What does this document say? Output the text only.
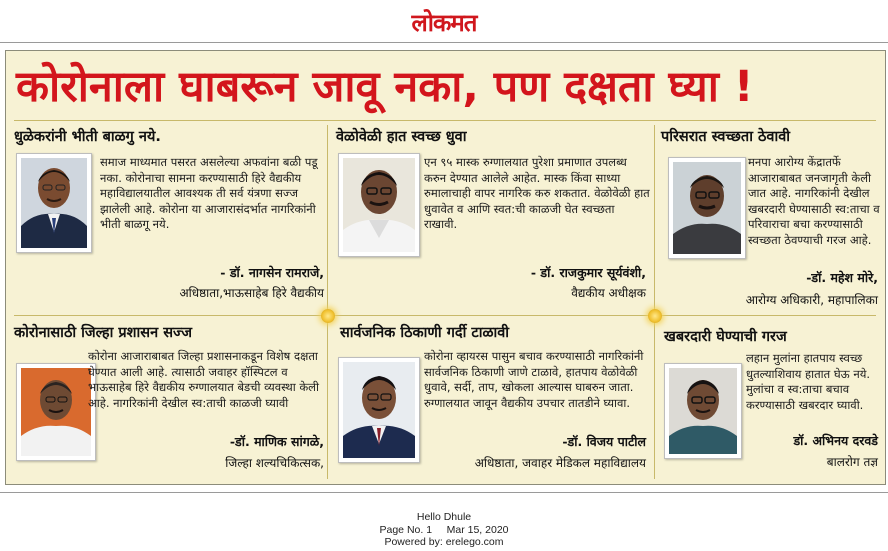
लोकमत
कोरोनाला घाबरून जावू नका, पण दक्षता घ्या !
धुळेकरांनी भीती बाळगु नये.
समाज माध्यमात पसरत असलेल्या अफवांना बळी पडू नका. कोरोनाचा सामना करण्यासाठी हिरे वैद्यकीय महाविद्यालयातील आवश्यक ती सर्व यंत्रणा सज्ज झालेली आहे. कोरोना या आजारासंदर्भात नागरिकांनी भीती बाळगू नये.
- डॉ. नागसेन रामराजे,
अधिष्ठाता,भाऊसाहेब हिरे वैद्यकीय
वेळोवेळी हात स्वच्छ धुवा
एन ९५ मास्क रुग्णालयात पुरेशा प्रमाणात उपलब्ध करुन देण्यात आलेले आहेत. मास्क किंवा साध्या रुमालाचाही वापर नागरिक करु शकतात. वेळोवेळी हात धुवावेत व आणि स्वत:ची काळजी घेत स्वच्छता राखावी.
- डॉ. राजकुमार सूर्यवंशी,
वैद्यकीय अधीक्षक
परिसरात स्वच्छता ठेवावी
मनपा आरोग्य केंद्रातर्फे आजाराबाबत जनजागृती केली जात आहे. नागरिकांनी देखील खबरदारी घेण्यासाठी स्व:ताचा व परिवाराचा बचा करण्यासाठी स्वच्छता ठेवण्याची गरज आहे.
-डॉ. महेश मोरे,
आरोग्य अधिकारी, महापालिका
कोरोनासाठी जिल्हा प्रशासन सज्ज
कोरोना आजाराबाबत जिल्हा प्रशासनाकडून विशेष दक्षता घेण्यात आली आहे. त्यासाठी जवाहर हॉस्पिटल व भाऊसाहेब हिरे वैद्यकीय रुग्णालयात बेडची व्यवस्था केली आहे. नागरिकांनी देखील स्व:ताची काळजी घ्यावी
-डॉ. माणिक सांगळे,
जिल्हा शल्यचिकित्सक,
सार्वजनिक ठिकाणी गर्दी टाळावी
कोरोना व्हायरस पासुन बचाव करण्यासाठी नागरिकांनी सार्वजनिक ठिकाणी जाणे टाळावे, हातपाय वेळोवेळी धुवावे, सर्दी, ताप, खोकला आल्यास घाबरुन जाता. रुग्णालयात जावून वैद्यकीय उपचार तातडीने घ्यावा.
-डॉ. विजय पाटील
अधिष्ठाता, जवाहर मेडिकल महाविद्यालय
खबरदारी घेण्याची गरज
लहान मुलांना हातपाय स्वच्छ धुतल्याशिवाय हातात घेऊ नये. मुलांचा व स्व:ताचा बचाव करण्यासाठी खबरदार घ्यावी.
डॉ. अभिनय दरवडे
बालरोग तज्ञ
Hello Dhule
Page No. 1     Mar 15, 2020
Powered by: erelego.com
